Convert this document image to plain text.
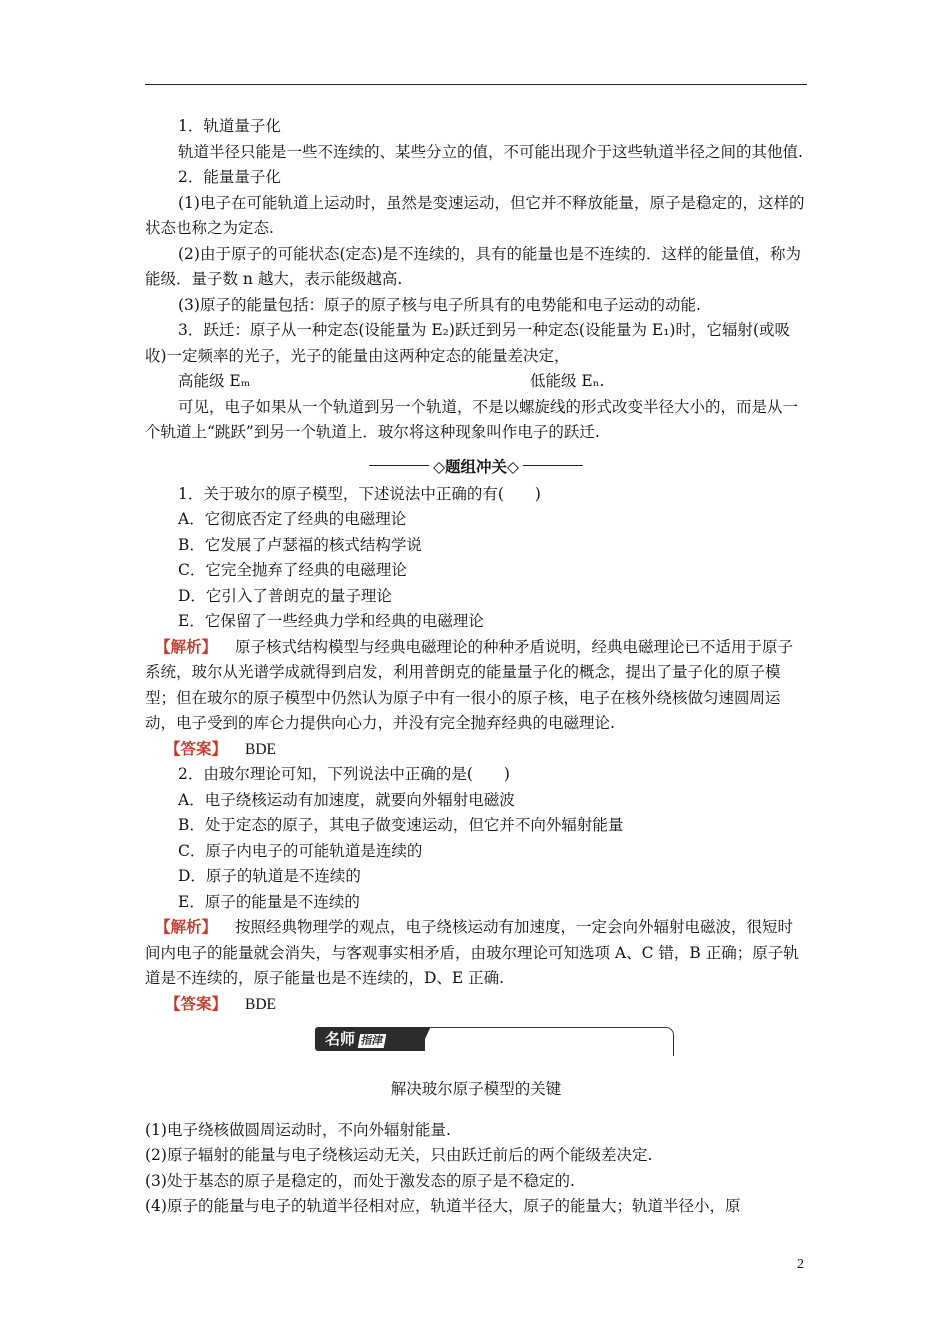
1．轨道量子化

轨道半径只能是一些不连续的、某些分立的值，不可能出现介于这些轨道半径之间的其他值.

2．能量量子化

(1)电子在可能轨道上运动时，虽然是变速运动，但它并不释放能量，原子是稳定的，这样的状态也称之为定态.

(2)由于原子的可能状态(定态)是不连续的，具有的能量也是不连续的．这样的能量值，称为能级．量子数 n 越大，表示能级越高.

(3)原子的能量包括：原子的原子核与电子所具有的电势能和电子运动的动能.

3．跃迁：原子从一种定态(设能量为 E₂)跃迁到另一种定态(设能量为 E₁)时，它辐射(或吸收)一定频率的光子，光子的能量由这两种定态的能量差决定，

高能级 Eₘ	低能级 Eₙ.

可见，电子如果从一个轨道到另一个轨道，不是以螺旋线的形式改变半径大小的，而是从一个轨道上“跳跃”到另一个轨道上．玻尔将这种现象叫作电子的跃迁.

◇题组冲关◇

1．关于玻尔的原子模型，下述说法中正确的有(　　)

A．它彻底否定了经典的电磁理论

B．它发展了卢瑟福的核式结构学说

C．它完全抛弃了经典的电磁理论

D．它引入了普朗克的量子理论

E．它保留了一些经典力学和经典的电磁理论

【解析】 原子核式结构模型与经典电磁理论的种种矛盾说明，经典电磁理论已不适用于原子系统，玻尔从光谱学成就得到启发，利用普朗克的能量量子化的概念，提出了量子化的原子模型；但在玻尔的原子模型中仍然认为原子中有一很小的原子核，电子在核外绕核做匀速圆周运动，电子受到的库仑力提供向心力，并没有完全抛弃经典的电磁理论.

【答案】 BDE

2．由玻尔理论可知，下列说法中正确的是(　　)

A．电子绕核运动有加速度，就要向外辐射电磁波

B．处于定态的原子，其电子做变速运动，但它并不向外辐射能量

C．原子内电子的可能轨道是连续的

D．原子的轨道是不连续的

E．原子的能量是不连续的

【解析】 按照经典物理学的观点，电子绕核运动有加速度，一定会向外辐射电磁波，很短时间内电子的能量就会消失，与客观事实相矛盾，由玻尔理论可知选项 A、C 错，B 正确；原子轨道是不连续的，原子能量也是不连续的，D、E 正确.

【答案】 BDE

名师 指津

解决玻尔原子模型的关键

(1)电子绕核做圆周运动时，不向外辐射能量.

(2)原子辐射的能量与电子绕核运动无关，只由跃迁前后的两个能级差决定.

(3)处于基态的原子是稳定的，而处于激发态的原子是不稳定的.

(4)原子的能量与电子的轨道半径相对应，轨道半径大，原子的能量大；轨道半径小，原

2
